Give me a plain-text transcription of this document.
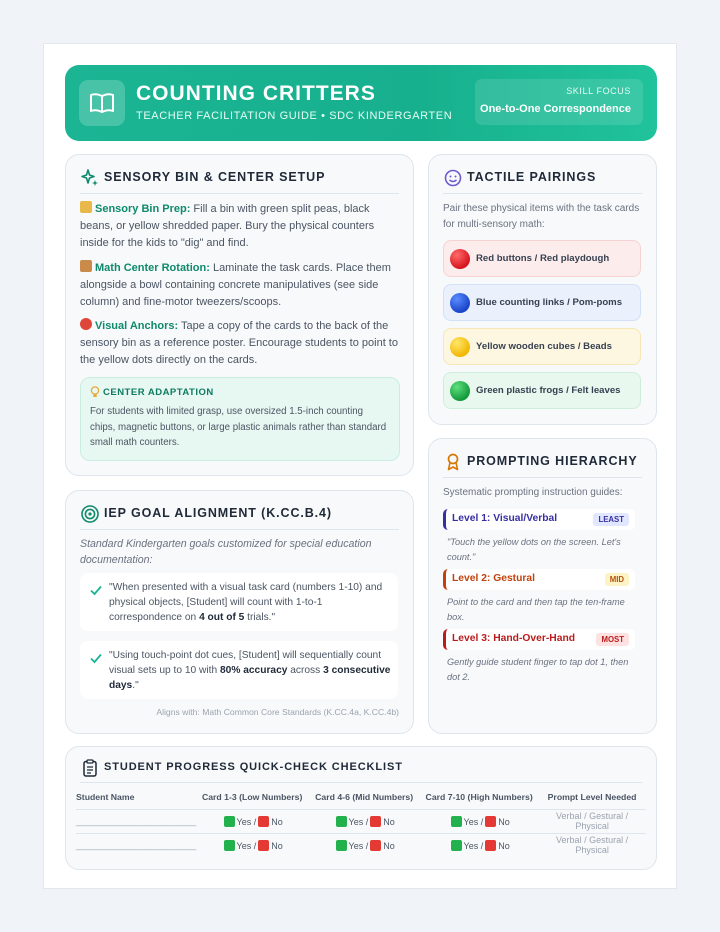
COUNTING CRITTERS
TEACHER FACILITATION GUIDE • SDC KINDERGARTEN
SKILL FOCUS
One-to-One Correspondence
SENSORY BIN & CENTER SETUP
Sensory Bin Prep: Fill a bin with green split peas, black beans, or yellow shredded paper. Bury the physical counters inside for the kids to "dig" and find.
Math Center Rotation: Laminate the task cards. Place them alongside a bowl containing concrete manipulatives (see side column) and fine-motor tweezers/scoops.
Visual Anchors: Tape a copy of the cards to the back of the sensory bin as a reference poster. Encourage students to point to the yellow dots directly on the cards.
CENTER ADAPTATION
For students with limited grasp, use oversized 1.5-inch counting chips, magnetic buttons, or large plastic animals rather than standard small math counters.
TACTILE PAIRINGS
Pair these physical items with the task cards for multi-sensory math:
Red buttons / Red playdough
Blue counting links / Pom-poms
Yellow wooden cubes / Beads
Green plastic frogs / Felt leaves
PROMPTING HIERARCHY
Systematic prompting instruction guides:
Level 1: Visual/Verbal	LEAST
"Touch the yellow dots on the screen. Let's count."
Level 2: Gestural	MID
Point to the card and then tap the ten-frame box.
Level 3: Hand-Over-Hand	MOST
Gently guide student finger to tap dot 1, then dot 2.
IEP GOAL ALIGNMENT (K.CC.B.4)
Standard Kindergarten goals customized for special education documentation:
"When presented with a visual task card (numbers 1-10) and physical objects, [Student] will count with 1-to-1 correspondence on 4 out of 5 trials."
"Using touch-point dot cues, [Student] will sequentially count visual sets up to 10 with 80% accuracy across 3 consecutive days."
Aligns with: Math Common Core Standards (K.CC.4a, K.CC.4b)
STUDENT PROGRESS QUICK-CHECK CHECKLIST
Student Name	Card 1-3 (Low Numbers)	Card 4-6 (Mid Numbers)	Card 7-10 (High Numbers)	Prompt Level Needed
________________________	Yes / No	Yes / No	Yes / No	Verbal / Gestural / Physical
________________________	Yes / No	Yes / No	Yes / No	Verbal / Gestural / Physical
